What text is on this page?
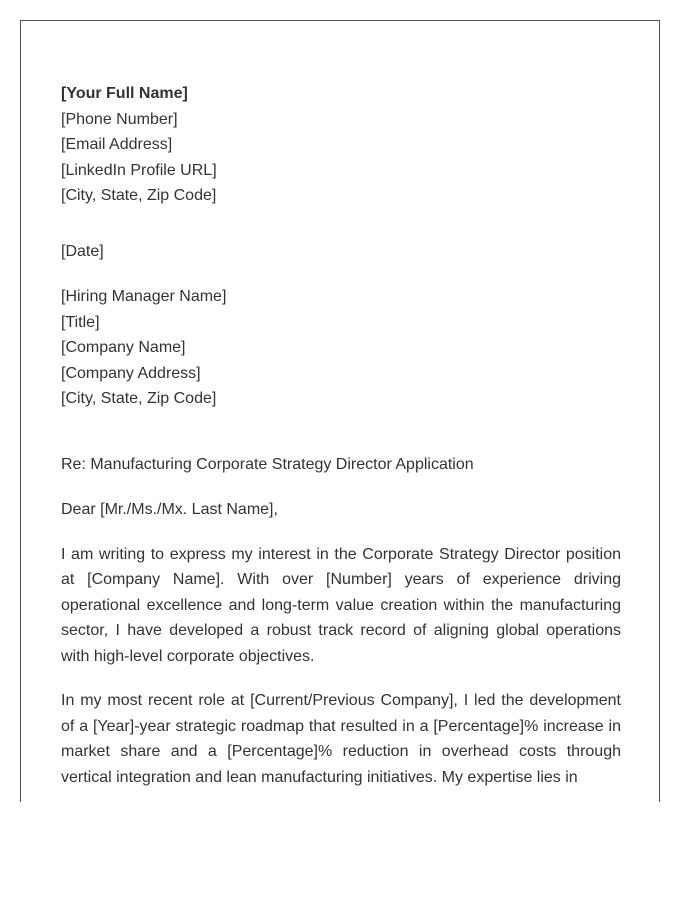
[Your Full Name]
[Phone Number]
[Email Address]
[LinkedIn Profile URL]
[City, State, Zip Code]
[Date]
[Hiring Manager Name]
[Title]
[Company Name]
[Company Address]
[City, State, Zip Code]
Re: Manufacturing Corporate Strategy Director Application
Dear [Mr./Ms./Mx. Last Name],

I am writing to express my interest in the Corporate Strategy Director position at [Company Name]. With over [Number] years of experience driving operational excellence and long-term value creation within the manufacturing sector, I have developed a robust track record of aligning global operations with high-level corporate objectives.

In my most recent role at [Current/Previous Company], I led the development of a [Year]-year strategic roadmap that resulted in a [Percentage]% increase in market share and a [Percentage]% reduction in overhead costs through vertical integration and lean manufacturing initiatives. My expertise lies in
